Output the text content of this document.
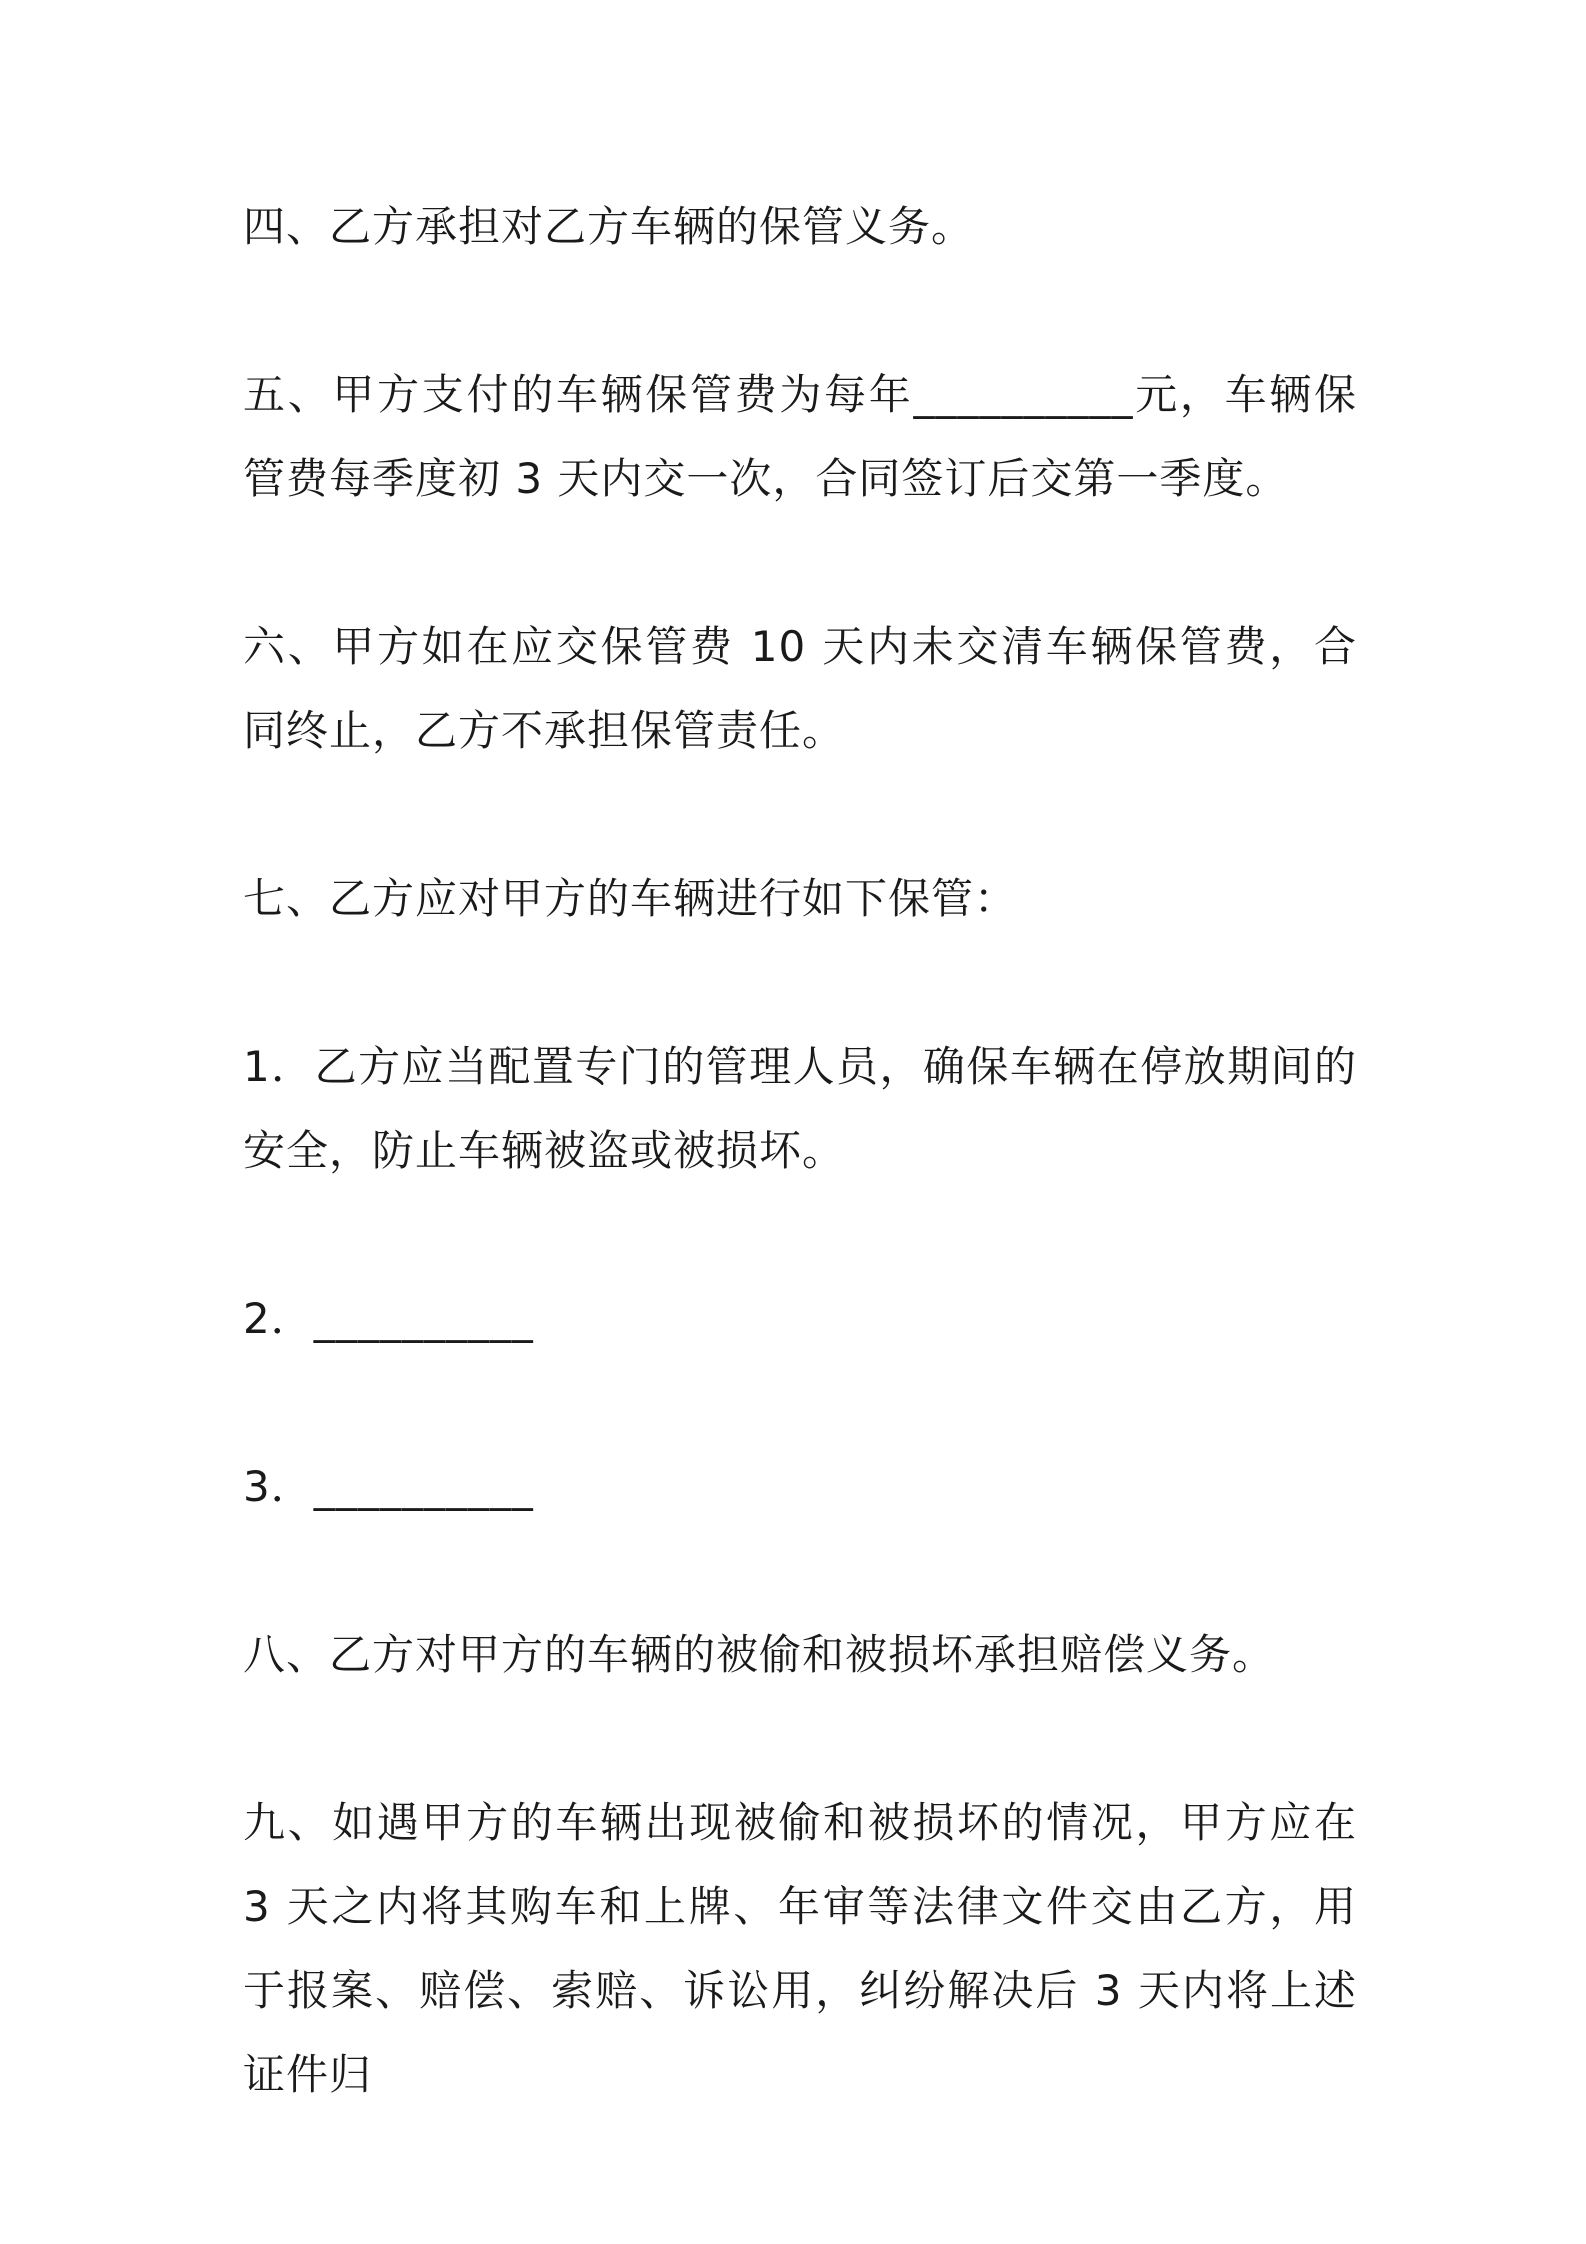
四、乙方承担对乙方车辆的保管义务。

五、甲方支付的车辆保管费为每年__________元，车辆保管费每季度初 3 天内交一次，合同签订后交第一季度。

六、甲方如在应交保管费 10 天内未交清车辆保管费，合同终止，乙方不承担保管责任。

七、乙方应对甲方的车辆进行如下保管：

1．乙方应当配置专门的管理人员，确保车辆在停放期间的安全，防止车辆被盗或被损坏。

2．__________

3．__________

八、乙方对甲方的车辆的被偷和被损坏承担赔偿义务。

九、如遇甲方的车辆出现被偷和被损坏的情况，甲方应在 3 天之内将其购车和上牌、年审等法律文件交由乙方，用于报案、赔偿、索赔、诉讼用，纠纷解决后 3 天内将上述证件归
